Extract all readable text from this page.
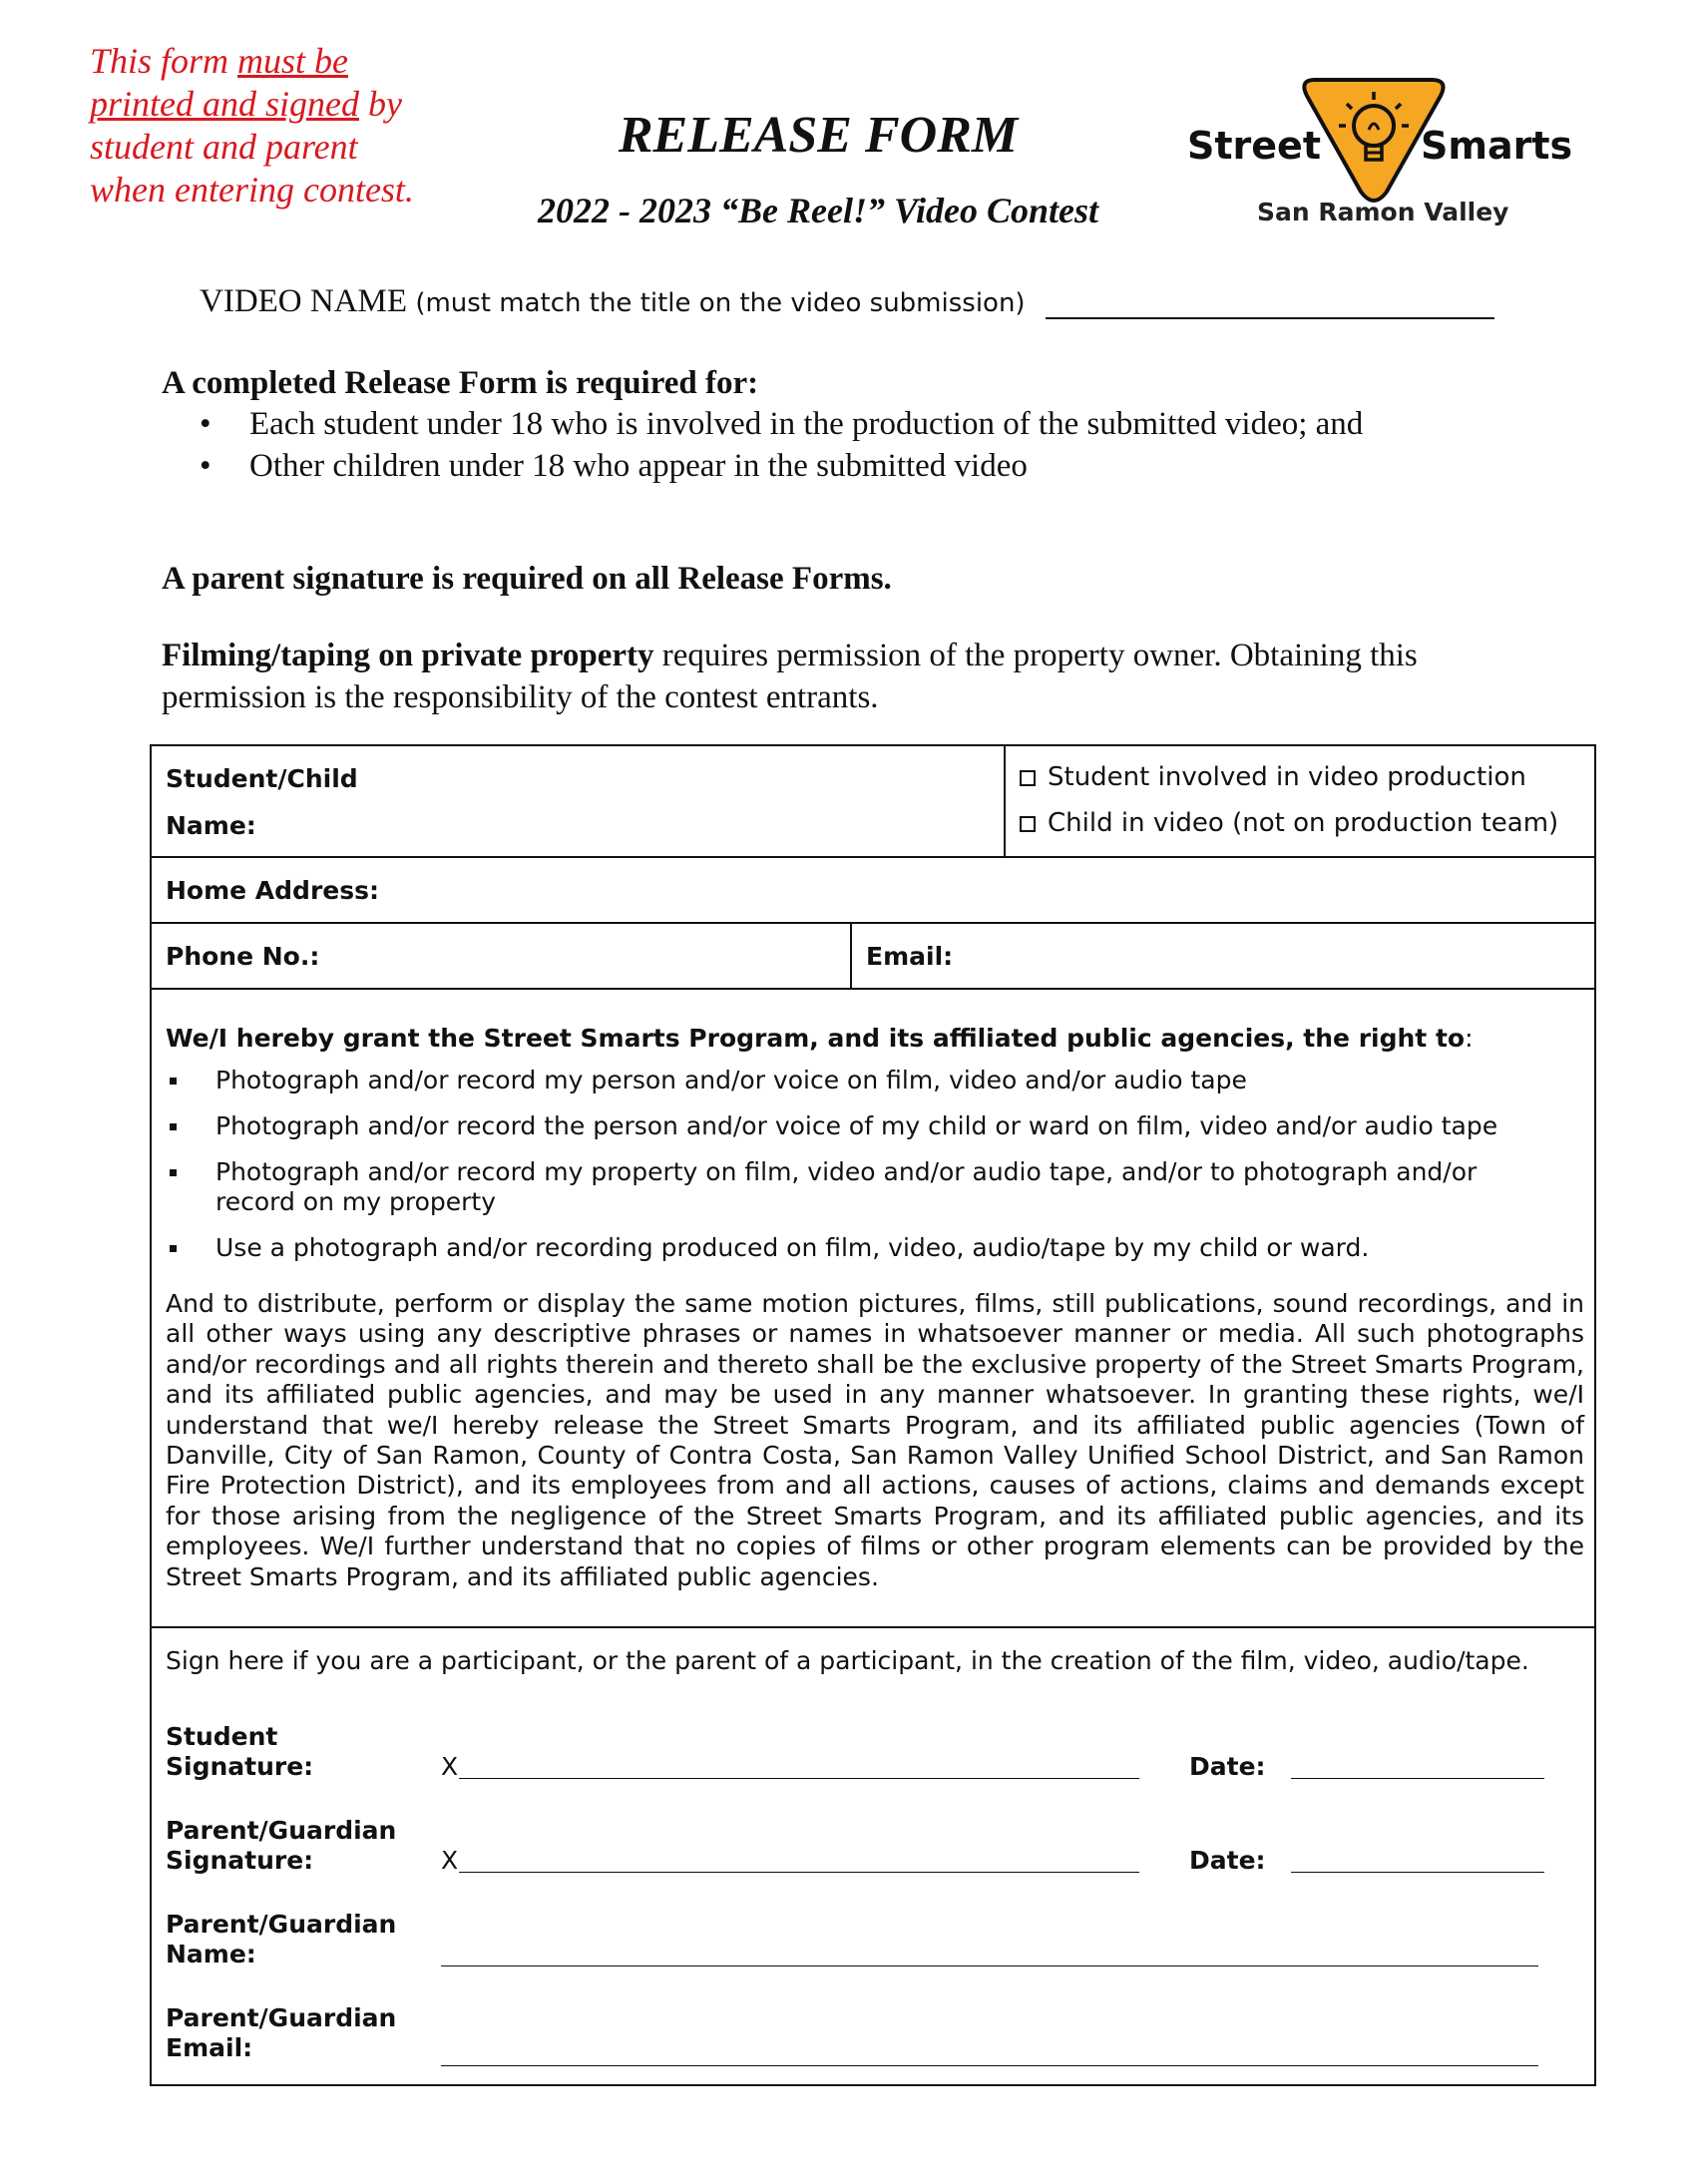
This form must be
printed and signed by
student and parent
when entering contest.
RELEASE FORM
2022 - 2023 “Be Reel!” Video Contest
Street	Smarts
San Ramon Valley
VIDEO NAME (must match the title on the video submission)
A completed Release Form is required for:
• Each student under 18 who is involved in the production of the submitted video; and
• Other children under 18 who appear in the submitted video
A parent signature is required on all Release Forms.
Filming/taping on private property requires permission of the property owner. Obtaining this permission is the responsibility of the contest entrants.
Student/Child
Name:
Student involved in video production
Child in video (not on production team)
Home Address:
Phone No.:	Email:
We/I hereby grant the Street Smarts Program, and its affiliated public agencies, the right to:
Photograph and/or record my person and/or voice on film, video and/or audio tape
Photograph and/or record the person and/or voice of my child or ward on film, video and/or audio tape
Photograph and/or record my property on film, video and/or audio tape, and/or to photograph and/or record on my property
Use a photograph and/or recording produced on film, video, audio/tape by my child or ward.
And to distribute, perform or display the same motion pictures, films, still publications, sound recordings, and in all other ways using any descriptive phrases or names in whatsoever manner or media. All such photographs and/or recordings and all rights therein and thereto shall be the exclusive property of the Street Smarts Program, and its affiliated public agencies, and may be used in any manner whatsoever. In granting these rights, we/I understand that we/I hereby release the Street Smarts Program, and its affiliated public agencies (Town of Danville, City of San Ramon, County of Contra Costa, San Ramon Valley Unified School District, and San Ramon Fire Protection District), and its employees from and all actions, causes of actions, claims and demands except for those arising from the negligence of the Street Smarts Program, and its affiliated public agencies, and its employees. We/I further understand that no copies of films or other program elements can be provided by the Street Smarts Program, and its affiliated public agencies.
Sign here if you are a participant, or the parent of a participant, in the creation of the film, video, audio/tape.
Student
Signature:	X	Date:
Parent/Guardian
Signature:	X	Date:
Parent/Guardian
Name:
Parent/Guardian
Email:
